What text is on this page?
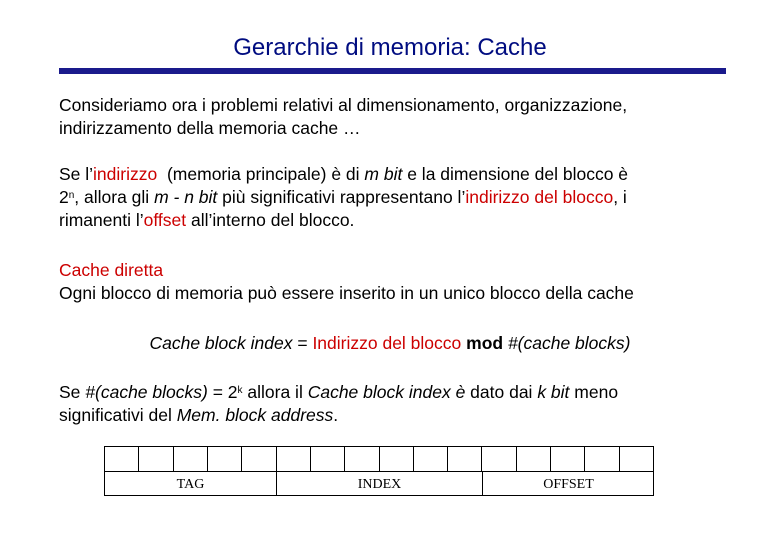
Gerarchie di memoria: Cache

Consideriamo ora i problemi relativi al dimensionamento, organizzazione,
indirizzamento della memoria cache …

Se l’indirizzo  (memoria principale) è di m bit e la dimensione del blocco è
2$^n$, allora gli m - n bit più significativi rappresentano l’indirizzo del blocco, i
rimanenti l’offset all’interno del blocco.

Cache diretta
Ogni blocco di memoria può essere inserito in un unico blocco della cache

Cache block index = Indirizzo del blocco mod #(cache blocks)

Se #(cache blocks) = $2^k$ allora il Cache block index è dato dai k bit meno
significativi del Mem. block address.

TAG	INDEX	OFFSET
